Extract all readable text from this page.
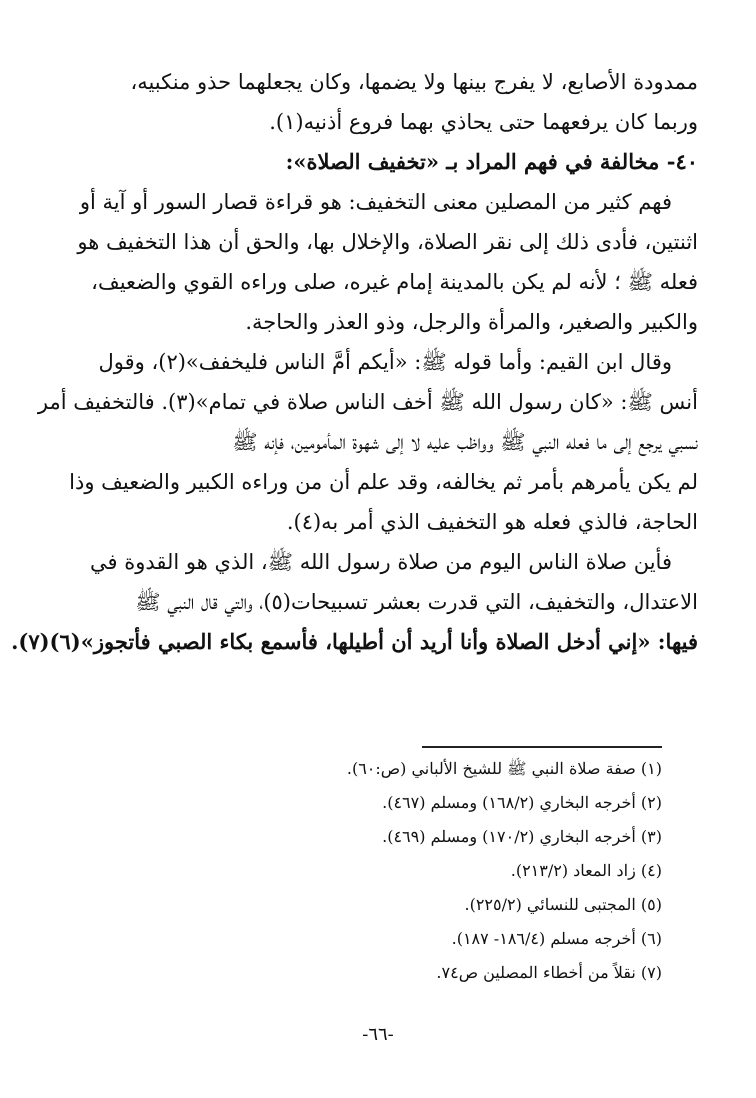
ممدودة الأصابع، لا يفرج بينها ولا يضمها، وكان يجعلهما حذو منكبيه،
وربما كان يرفعهما حتى يحاذي بهما فروع أذنيه(١).
٤٠- مخالفة في فهم المراد بـ «تخفيف الصلاة»:
فهم كثير من المصلين معنى التخفيف: هو قراءة قصار السور أو آية أو
اثنتين، فأدى ذلك إلى نقر الصلاة، والإخلال بها، والحق أن هذا التخفيف هو
فعله ﷺ ؛ لأنه لم يكن بالمدينة إمام غيره، صلى وراءه القوي والضعيف،
والكبير والصغير، والمرأة والرجل، وذو العذر والحاجة.
وقال ابن القيم: وأما قوله ﷺ: «أيكم أمَّ الناس فليخفف»(٢)، وقول
أنس ﷺ: «كان رسول الله ﷺ أخف الناس صلاة في تمام»(٣). فالتخفيف أمر
نسبي يرجع إلى ما فعله النبي ﷺ وواظب عليه لا إلى شهوة المأمومين، فإنه ﷺ
لم يكن يأمرهم بأمر ثم يخالفه، وقد علم أن من وراءه الكبير والضعيف وذا
الحاجة، فالذي فعله هو التخفيف الذي أمر به(٤).
فأين صلاة الناس اليوم من صلاة رسول الله ﷺ، الذي هو القدوة في
الاعتدال، والتخفيف، التي قدرت بعشر تسبيحات(٥)، والتي قال النبي ﷺ
فيها: «إني أدخل الصلاة وأنا أريد أن أطيلها، فأسمع بكاء الصبي فأتجوز»(٦)(٧).
(١) صفة صلاة النبي ﷺ للشيخ الألباني (ص:٦٠).
(٢) أخرجه البخاري (١٦٨/٢) ومسلم (٤٦٧).
(٣) أخرجه البخاري (١٧٠/٢) ومسلم (٤٦٩).
(٤) زاد المعاد (٢١٣/٢).
(٥) المجتبى للنسائي (٢٢٥/٢).
(٦) أخرجه مسلم (١٨٦/٤- ١٨٧).
(٧) نقلاً من أخطاء المصلين ص٧٤.
-٦٦-
